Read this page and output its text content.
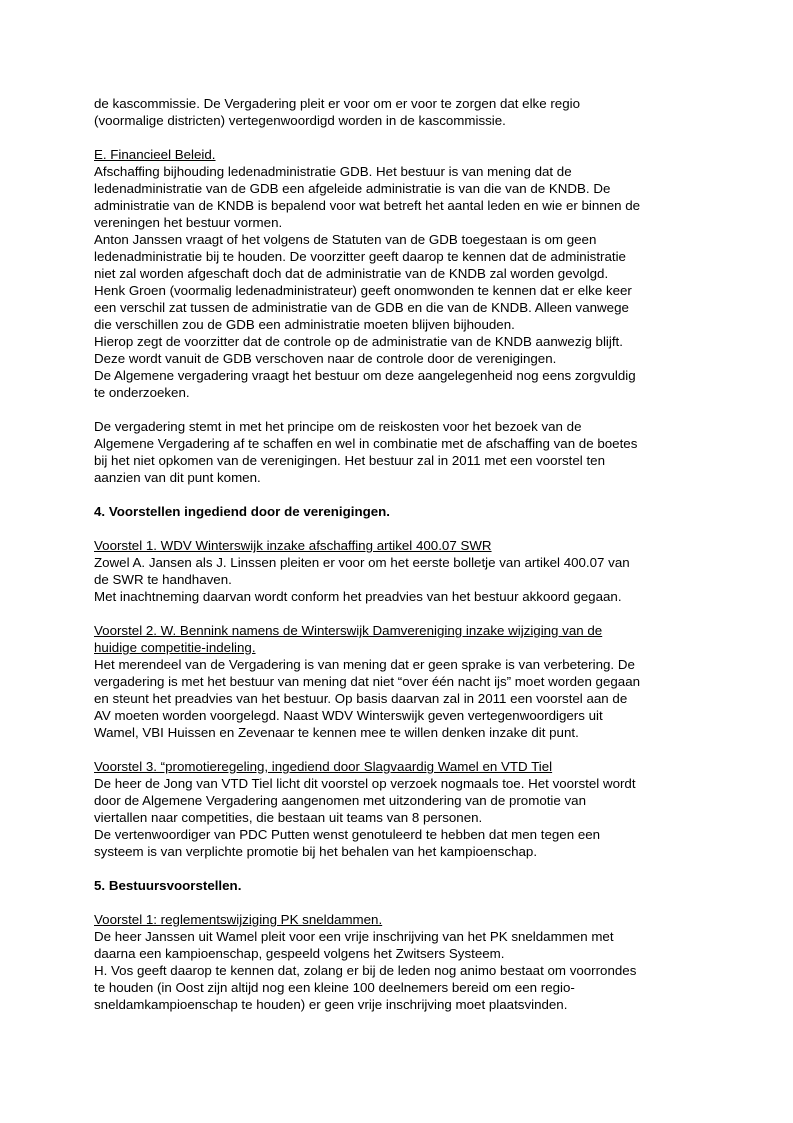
de kascommissie. De Vergadering pleit er voor om er voor te zorgen dat elke regio
(voormalige districten) vertegenwoordigd worden in de kascommissie.
E. Financieel Beleid.
Afschaffing bijhouding ledenadministratie GDB. Het bestuur is van mening dat de
ledenadministratie van de GDB een afgeleide administratie is van die van de KNDB. De
administratie van de KNDB is bepalend voor wat betreft het aantal leden en wie er binnen de
vereningen het bestuur vormen.
Anton Janssen vraagt of het volgens de Statuten van de GDB toegestaan is om geen
ledenadministratie bij te houden. De voorzitter geeft daarop te kennen dat de administratie
niet zal worden afgeschaft doch dat de administratie van de KNDB zal worden gevolgd.
Henk Groen (voormalig ledenadministrateur) geeft onomwonden te kennen dat er elke keer
een verschil zat tussen de administratie van de GDB en die van de KNDB. Alleen vanwege
die verschillen zou de GDB een administratie moeten blijven bijhouden.
Hierop zegt de voorzitter dat de controle op de administratie van de KNDB aanwezig blijft.
Deze wordt vanuit de GDB verschoven naar de controle door de verenigingen.
De Algemene vergadering vraagt het bestuur om deze aangelegenheid nog eens zorgvuldig
te onderzoeken.
De vergadering stemt in met het principe om de reiskosten voor het bezoek van de
Algemene Vergadering af te schaffen en wel in combinatie met de afschaffing van de boetes
bij het niet opkomen van de verenigingen. Het bestuur zal in 2011 met een voorstel ten
aanzien van dit punt komen.
4. Voorstellen ingediend door de verenigingen.
Voorstel 1. WDV Winterswijk inzake afschaffing artikel 400.07 SWR
Zowel A. Jansen als J. Linssen pleiten er voor om het eerste bolletje van artikel 400.07 van
de SWR te handhaven.
Met inachtneming daarvan wordt conform het preadvies van het bestuur akkoord gegaan.
Voorstel 2. W. Bennink namens de Winterswijk Damvereniging inzake wijziging van de
huidige competitie-indeling.
Het merendeel van de Vergadering is van mening dat er geen sprake is van verbetering. De
vergadering is met het bestuur van mening dat niet “over één nacht ijs” moet worden gegaan
en steunt het preadvies van het bestuur. Op basis daarvan zal in 2011 een voorstel aan de
AV moeten worden voorgelegd. Naast WDV Winterswijk geven vertegenwoordigers uit
Wamel, VBI Huissen en Zevenaar te kennen mee te willen denken inzake dit punt.
Voorstel 3. “promotieregeling, ingediend door Slagvaardig Wamel en VTD Tiel
De heer de Jong van VTD Tiel licht dit voorstel op verzoek nogmaals toe. Het voorstel wordt
door de Algemene Vergadering aangenomen met uitzondering van de promotie van
viertallen naar competities, die bestaan uit teams van 8 personen.
De vertenwoordiger van PDC Putten wenst genotuleerd te hebben dat men tegen een
systeem is van verplichte promotie bij het behalen van het kampioenschap.
5. Bestuursvoorstellen.
Voorstel 1: reglementswijziging PK sneldammen.
De heer Janssen uit Wamel pleit voor een vrije inschrijving van het PK sneldammen met
daarna een kampioenschap, gespeeld volgens het Zwitsers Systeem.
H. Vos geeft daarop te kennen dat, zolang er bij de leden nog animo bestaat om voorrondes
te houden (in Oost zijn altijd nog een kleine 100 deelnemers bereid om een regio-
sneldamkampioenschap te houden) er geen vrije inschrijving moet plaatsvinden.
